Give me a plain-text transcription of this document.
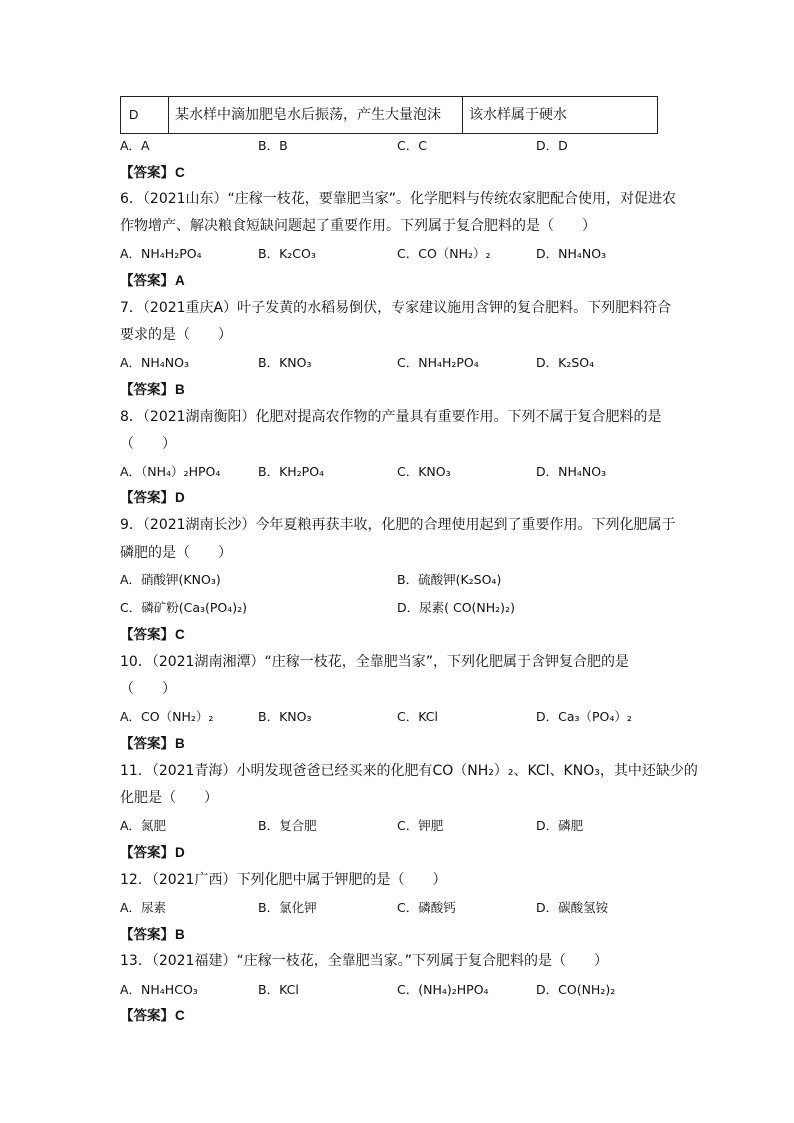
D	某水样中滴加肥皂水后振荡，产生大量泡沫	该水样属于硬水
A．A	B．B	C．C	D．D
【答案】C
6．（2021山东）“庄稼一枝花，要靠肥当家”。化学肥料与传统农家肥配合使用，对促进农
作物增产、解决粮食短缺问题起了重要作用。下列属于复合肥料的是（　　）
A．NH₄H₂PO₄	B．K₂CO₃	C．CO（NH₂）₂	D．NH₄NO₃
【答案】A
7．（2021重庆A）叶子发黄的水稻易倒伏，专家建议施用含钾的复合肥料。下列肥料符合
要求的是（　　）
A．NH₄NO₃	B．KNO₃	C．NH₄H₂PO₄	D．K₂SO₄
【答案】B
8．（2021湖南衡阳）化肥对提高农作物的产量具有重要作用。下列不属于复合肥料的是
（　　）
A．（NH₄）₂HPO₄	B．KH₂PO₄	C．KNO₃	D．NH₄NO₃
【答案】D
9．（2021湖南长沙）今年夏粮再获丰收，化肥的合理使用起到了重要作用。下列化肥属于
磷肥的是（　　）
A．硝酸钾(KNO₃)	B．硫酸钾(K₂SO₄)
C．磷矿粉(Ca₃(PO₄)₂)	D．尿素( CO(NH₂)₂)
【答案】C
10．（2021湖南湘潭）“庄稼一枝花，全靠肥当家”，下列化肥属于含钾复合肥的是
（　　）
A．CO（NH₂）₂	B．KNO₃	C．KCl	D．Ca₃（PO₄）₂
【答案】B
11．（2021青海）小明发现爸爸已经买来的化肥有CO（NH₂）₂、KCl、KNO₃，其中还缺少的
化肥是（　　）
A．氮肥	B．复合肥	C．钾肥	D．磷肥
【答案】D
12．（2021广西）下列化肥中属于钾肥的是（　　）
A．尿素	B．氯化钾	C．磷酸钙	D．碳酸氢铵
【答案】B
13．（2021福建）“庄稼一枝花，全靠肥当家。”下列属于复合肥料的是（　　）
A．NH₄HCO₃	B．KCl	C．(NH₄)₂HPO₄	D．CO(NH₂)₂
【答案】C
